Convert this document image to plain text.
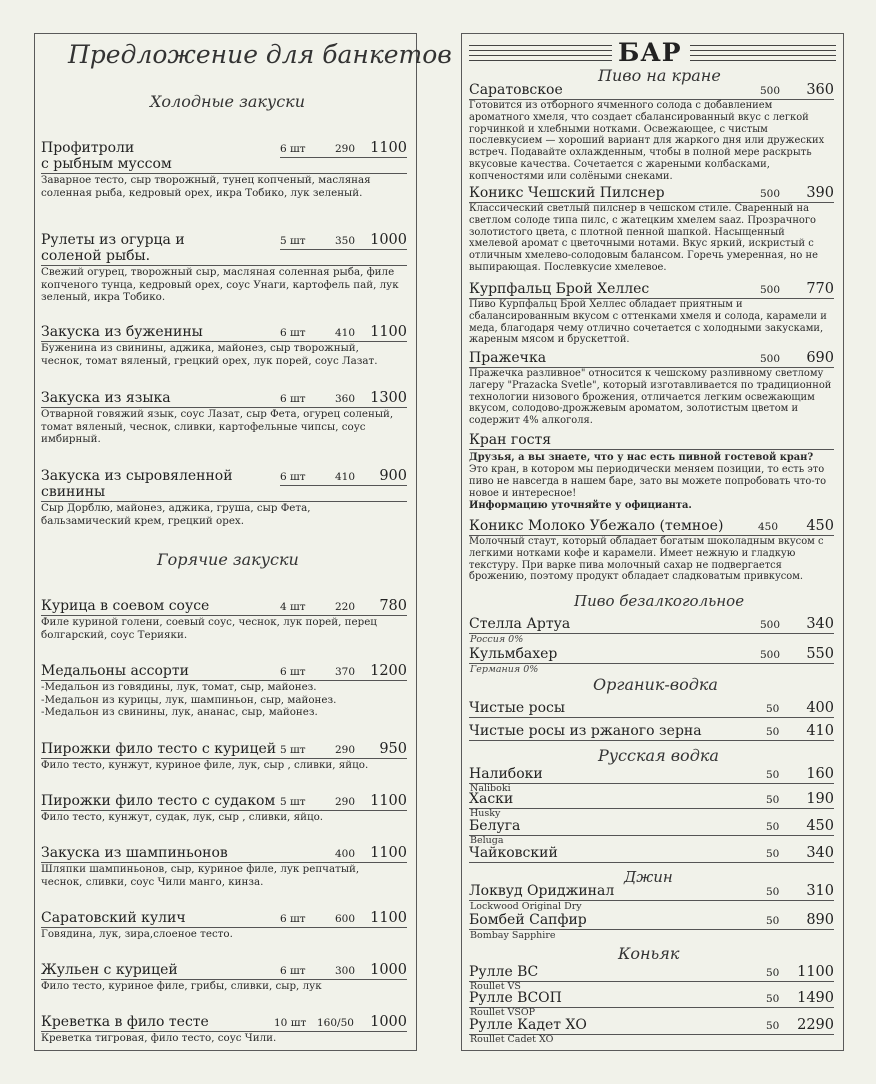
Предложение для банкетов
Холодные закуски
Горячие закуски
Профитроли	6 шт	290 1100
с рыбным муссом
Заварное тесто, сыр творожный, тунец копченый, масляная соленная рыба, кедровый орех, икра Тобико, лук зеленый.
Рулеты из огурца и	5 шт	350 1000
соленой рыбы.
Свежий огурец, творожный сыр, масляная соленная рыба, филе копченого тунца, кедровый орех, соус Унаги, картофель пай, лук зеленый, икра Тобико.
Закуска из буженины	6 шт	410 1100
Буженина из свинины, аджика, майонез, сыр творожный, чеснок, томат вяленый, грецкий орех, лук порей, соус Лазат.
Закуска из языка	6 шт	360 1300
Отварной говяжий язык, соус Лазат, сыр Фета, огурец соленый, томат вяленый, чеснок, сливки, картофельные чипсы, соус имбирный.
Закуска из сыровяленной	6 шт	410 900
свинины
Сыр Дорблю, майонез, аджика, груша, сыр Фета, бальзамический крем, грецкий орех.
Курица в соевом соусе	4 шт	220 780
Филе куриной голени, соевый соус, чеснок, лук порей, перец болгарский, соус Терияки.
Медальоны ассорти	6 шт	370 1200
-Медальон из говядины, лук, томат, сыр, майонез.
-Медальон из курицы, лук, шампиньон, сыр, майонез.
-Медальон из свинины, лук, ананас, сыр, майонез.
Пирожки фило тесто с курицей 5 шт	290 950
Фило тесто, кунжут, куриное филе, лук, сыр , сливки, яйцо.
Пирожки фило тесто с судаком 5 шт	290 1100
Фило тесто, кунжут, судак, лук, сыр , сливки, яйцо.
Закуска из шампиньонов	400 1100
Шляпки шампиньонов, сыр, куриное филе, лук репчатый, чеснок, сливки, соус Чили манго, кинза.
Саратовский кулич	6 шт	600 1100
Говядина, лук, зира,слоеное тесто.
Жульен с курицей	6 шт	300 1000
Фило тесто, куриное филе, грибы, сливки, сыр, лук
Креветка в фило тесте	10 шт 160/50 1000
Креветка тигровая, фило тесто, соус Чили.
БАР
Пиво на кране
Саратовское	500 360
Готовится из отборного ячменного солода с добавлением ароматного хмеля, что создает сбалансированный вкус с легкой горчинкой и хлебными нотками. Освежающее, с чистым послевкусием — хороший вариант для жаркого дня или дружеских встреч. Подавайте охлажденным, чтобы в полной мере раскрыть вкусовые качества. Сочетается с жареными колбасками, копченостями или солёными снеками.
Коникс Чешский Пилснер	500 390
Классический светлый пилснер в чешском стиле. Сваренный на светлом солоде типа пилс, с жатецким хмелем saaz. Прозрачного золотистого цвета, с плотной пенной шапкой. Насыщенный хмелевой аромат с цветочными нотами. Вкус яркий, искристый с отличным хмелево-солодовым балансом. Горечь умеренная, но не выпирающая. Послевкусие хмелевое.
Курпфальц Брой Хеллес	500 770
Пиво Курпфальц Брой Хеллес обладает приятным и сбалансированным вкусом с оттенками хмеля и солода, карамели и меда, благодаря чему отлично сочетается с холодными закусками, жареным мясом и брускеттой.
Пражечка	500 690
Пражечка разливное" относится к чешскому разливному светлому лагеру "Prazacka Svetle", который изготавливается по традиционной технологии низового брожения, отличается легким освежающим вкусом, солодово-дрожжевым ароматом, золотистым цветом и содержит 4% алкоголя.
Кран гостя
Друзья, а вы знаете, что у нас есть пивной гостевой кран?
Это кран, в котором мы периодически меняем позиции, то есть это пиво не навсегда в нашем баре, зато вы можете попробовать что-то новое и интересное!
Информацию уточняйте у официанта.
Коникс Молоко Убежало (темное)	450 450
Молочный стаут, который обладает богатым шоколадным вкусом с легкими нотками кофе и карамели. Имеет нежную и гладкую текстуру. При варке пива молочный сахар не подвергается брожению, поэтому продукт обладает сладковатым привкусом.
Пиво безалкогольное
Стелла Артуа	500 340
Россия 0%
Кульмбахер	500 550
Германия 0%
Органик-водка
Чистые росы	50 400
Чистые росы из ржаного зерна	50 410
Русская водка
Налибоки	50 160
Naliboki
Хаски	50 190
Husky
Белуга	50 450
Beluga
Чайковский	50 340
Джин
Локвуд Ориджинал	50 310
Lockwood Original Dry
Бомбей Сапфир	50 890
Bombay Sapphire
Коньяк
Рулле ВС	50 1100
Roullet VS
Рулле ВСОП	50 1490
Roullet VSOP
Рулле Кадет ХО	50 2290
Roullet Cadet XO
